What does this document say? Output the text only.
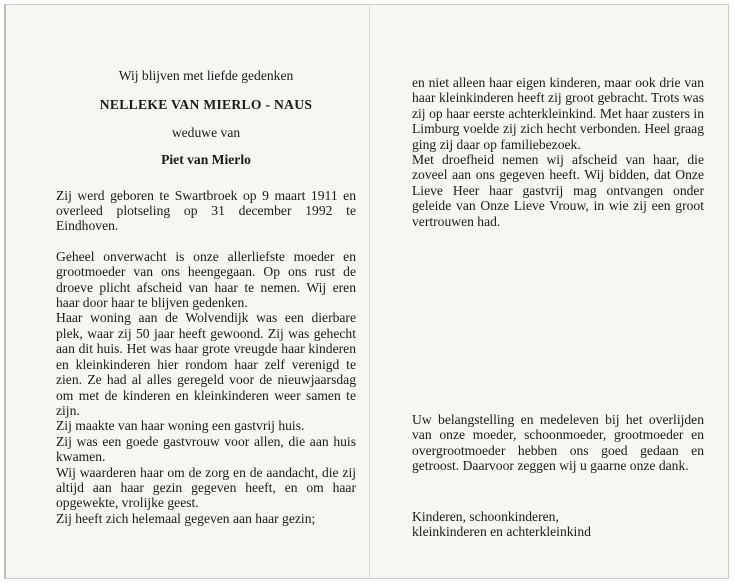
Wij blijven met liefde gedenken
NELLEKE VAN MIERLO - NAUS
weduwe van
Piet van Mierlo

Zij werd geboren te Swartbroek op 9 maart 1911 en overleed plotseling op 31 december 1992 te Eindhoven.

Geheel onverwacht is onze allerliefste moeder en grootmoeder van ons heengegaan. Op ons rust de droeve plicht afscheid van haar te nemen. Wij eren haar door haar te blijven gedenken.

Haar woning aan de Wolvendijk was een dierbare plek, waar zij 50 jaar heeft gewoond. Zij was gehecht aan dit huis. Het was haar grote vreugde haar kinderen en kleinkinderen hier rondom haar zelf verenigd te zien. Ze had al alles geregeld voor de nieuwjaarsdag om met de kinderen en kleinkinderen weer samen te zijn.

Zij maakte van haar woning een gastvrij huis.

Zij was een goede gastvrouw voor allen, die aan huis kwamen.

Wij waarderen haar om de zorg en de aandacht, die zij altijd aan haar gezin gegeven heeft, en om haar opgewekte, vrolijke geest.

Zij heeft zich helemaal gegeven aan haar gezin;

en niet alleen haar eigen kinderen, maar ook drie van haar kleinkinderen heeft zij groot gebracht. Trots was zij op haar eerste achterkleinkind. Met haar zusters in Limburg voelde zij zich hecht verbonden. Heel graag ging zij daar op familiebezoek.

Met droefheid nemen wij afscheid van haar, die zoveel aan ons gegeven heeft. Wij bidden, dat Onze Lieve Heer haar gastvrij mag ontvangen onder geleide van Onze Lieve Vrouw, in wie zij een groot vertrouwen had.

Uw belangstelling en medeleven bij het overlijden van onze moeder, schoonmoeder, grootmoeder en overgrootmoeder hebben ons goed gedaan en getroost. Daarvoor zeggen wij u gaarne onze dank.

Kinderen, schoonkinderen,
kleinkinderen en achterkleinkind
